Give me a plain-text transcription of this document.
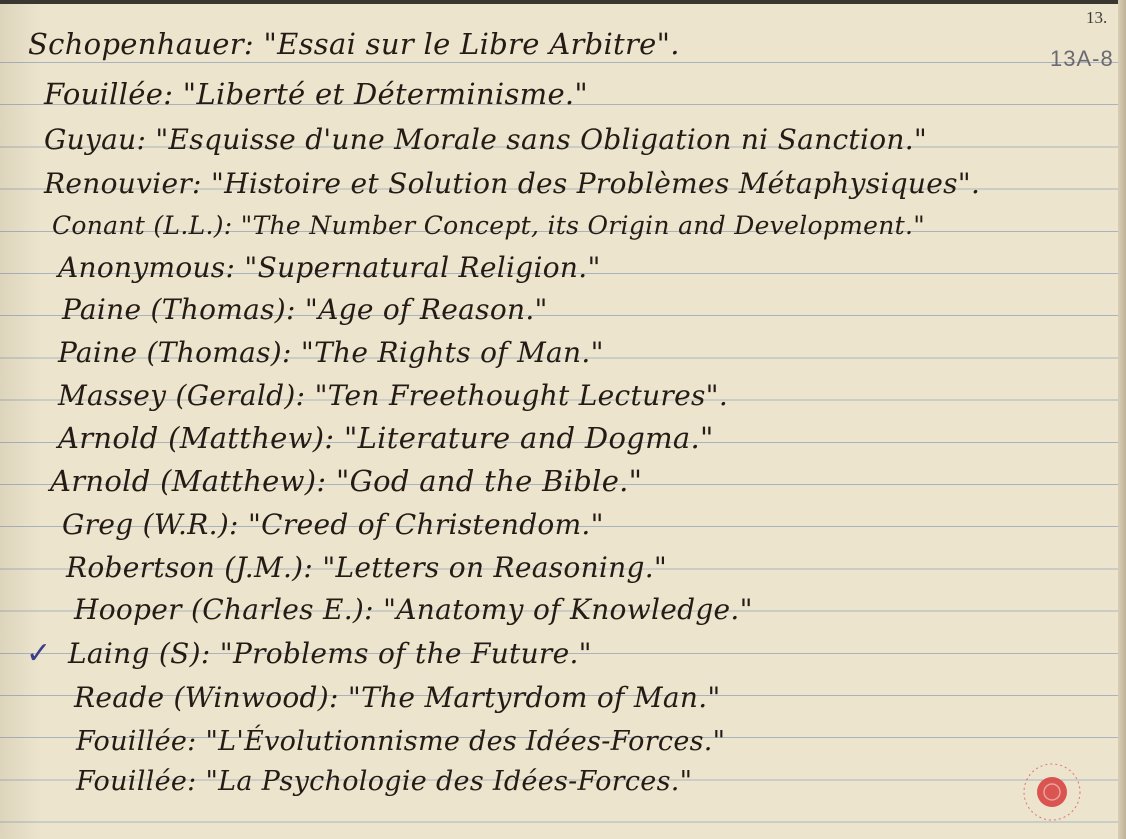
13.
13A-8
✓
Schopenhauer: "Essai sur le Libre Arbitre".
Fouillée: "Liberté et Déterminisme."
Guyau: "Esquisse d'une Morale sans Obligation ni Sanction."
Renouvier: "Histoire et Solution des Problèmes Métaphysiques".
Conant (L.L.): "The Number Concept, its Origin and Development."
Anonymous: "Supernatural Religion."
Paine (Thomas): "Age of Reason."
Paine (Thomas): "The Rights of Man."
Massey (Gerald): "Ten Freethought Lectures".
Arnold (Matthew): "Literature and Dogma."
Arnold (Matthew): "God and the Bible."
Greg (W.R.): "Creed of Christendom."
Robertson (J.M.): "Letters on Reasoning."
Hooper (Charles E.): "Anatomy of Knowledge."
Laing (S): "Problems of the Future."
Reade (Winwood): "The Martyrdom of Man."
Fouillée: "L'Évolutionnisme des Idées-Forces."
Fouillée: "La Psychologie des Idées-Forces."
